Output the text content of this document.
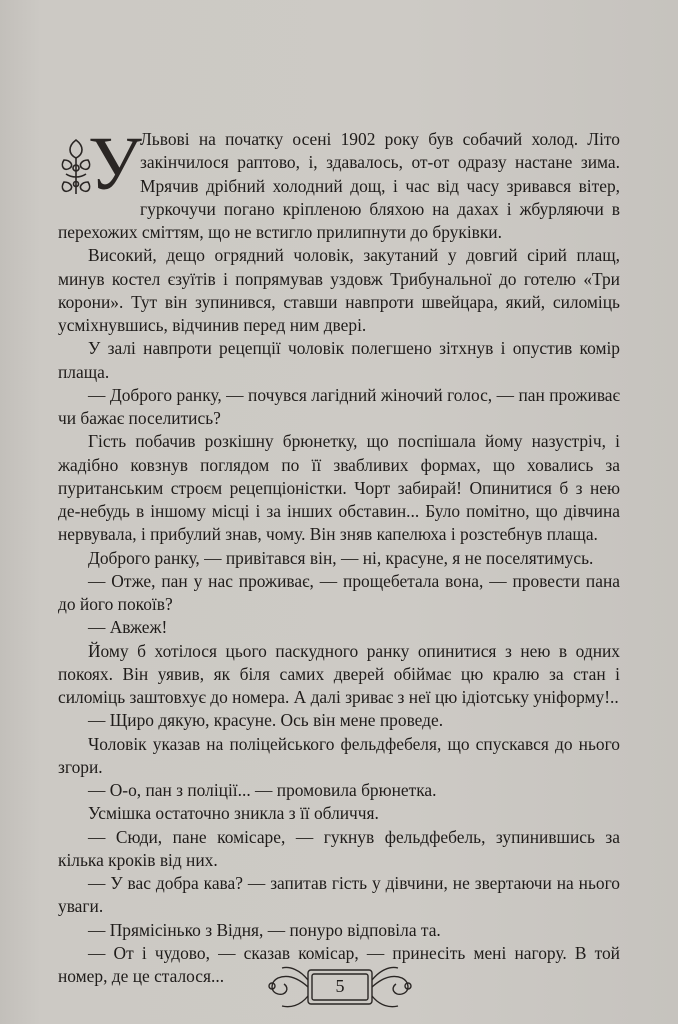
У

Львові на початку осені 1902 року був собачий холод. Літо закінчилося раптово, і, здавалось, от-от одразу настане зима. Мрячив дрібний холодний дощ, і час від часу зривався вітер, гуркочучи погано кріпленою бляхою на дахах і жбурляючи в перехожих сміттям, що не встигло прилипнути до бруківки.

Високий, дещо огрядний чоловік, закутаний у довгий сірий плащ, минув костел єзуїтів і попрямував уздовж Трибунальної до готелю «Три корони». Тут він зупинився, ставши навпроти швейцара, який, силоміць усміхнувшись, відчинив перед ним двері.

У залі навпроти рецепції чоловік полегшено зітхнув і опустив комір плаща.

— Доброго ранку, — почувся лагідний жіночий голос, — пан проживає чи бажає поселитись?

Гість побачив розкішну брюнетку, що поспішала йому назустріч, і жадібно ковзнув поглядом по її звабливих формах, що ховались за пуританським строєм рецепціоністки. Чорт забирай! Опинитися б з нею де-небудь в іншому місці і за інших обставин... Було помітно, що дівчина нервувала, і прибулий знав, чому. Він зняв капелюха і розстебнув плаща.

Доброго ранку, — привітався він, — ні, красуне, я не поселятимусь.

— Отже, пан у нас проживає, — прощебетала вона, — провести пана до його покоїв?

— Авжеж!

Йому б хотілося цього паскудного ранку опинитися з нею в одних покоях. Він уявив, як біля самих дверей обіймає цю кралю за стан і силоміць заштовхує до номера. А далі зриває з неї цю ідіотську уніформу!..

— Щиро дякую, красуне. Ось він мене проведе.

Чоловік указав на поліцейського фельдфебеля, що спускався до нього згори.

— О-о, пан з поліції... — промовила брюнетка.

Усмішка остаточно зникла з її обличчя.

— Сюди, пане комісаре, — гукнув фельдфебель, зупинившись за кілька кроків від них.

— У вас добра кава? — запитав гість у дівчини, не звертаючи на нього уваги.

— Прямісінько з Відня, — понуро відповіла та.

— От і чудово, — сказав комісар, — принесіть мені нагору. В той номер, де це сталося...	5
